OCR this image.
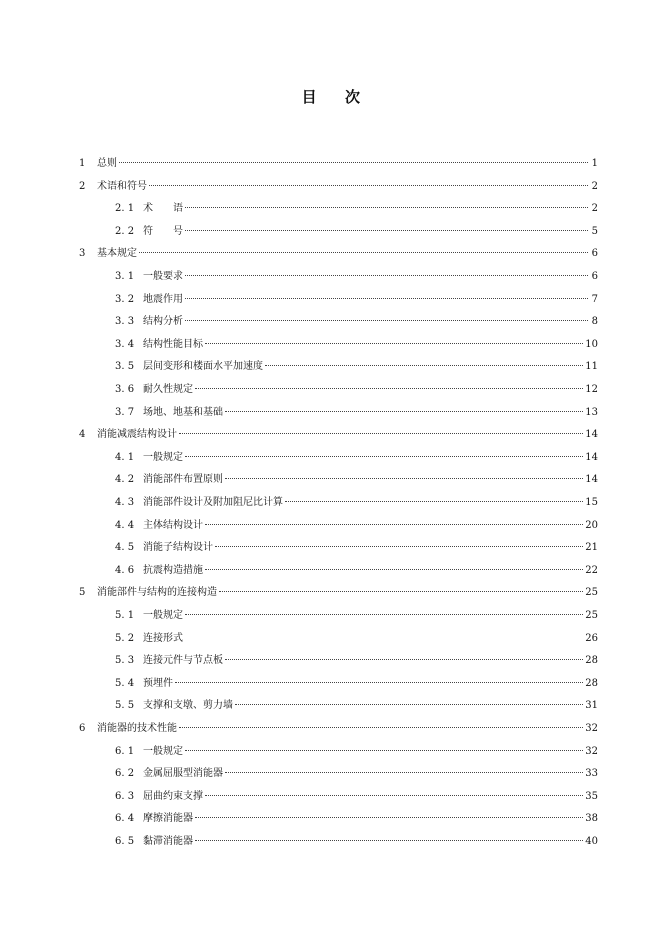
目 次
1	总则	1
2	术语和符号	2
2. 1 术　　语	2
2. 2 符　　号	5
3	基本规定	6
3. 1 一般要求	6
3. 2 地震作用	7
3. 3 结构分析	8
3. 4 结构性能目标	10
3. 5 层间变形和楼面水平加速度	11
3. 6 耐久性规定	12
3. 7 场地、地基和基础	13
4	消能减震结构设计	14
4. 1 一般规定	14
4. 2 消能部件布置原则	14
4. 3 消能部件设计及附加阻尼比计算	15
4. 4 主体结构设计	20
4. 5 消能子结构设计	21
4. 6 抗震构造措施	22
5	消能部件与结构的连接构造	25
5. 1 一般规定	25
5. 2 连接形式	26
5. 3 连接元件与节点板	28
5. 4 预埋件	28
5. 5 支撑和支墩、剪力墙	31
6	消能器的技术性能	32
6. 1 一般规定	32
6. 2 金属屈服型消能器	33
6. 3 屈曲约束支撑	35
6. 4 摩擦消能器	38
6. 5 黏滞消能器	40
